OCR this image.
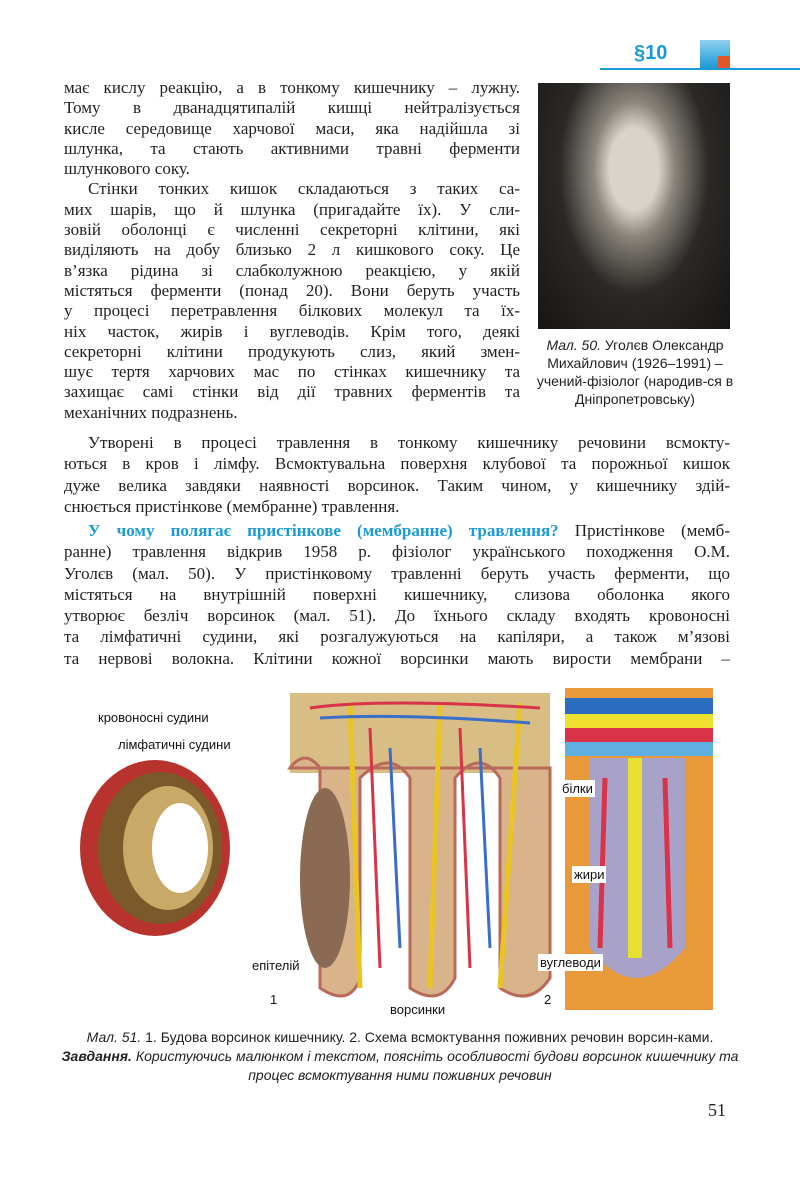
§10
має кислу реакцію, а в тонкому кишечнику – лужну.
Тому в дванадцятипалій кишці нейтралізується
кисле середовище харчової маси, яка надійшла зі
шлунка, та стають активними травні ферменти
шлункового соку.
Стінки тонких кишок складаються з таких са-
мих шарів, що й шлунка (пригадайте їх). У сли-
зовій оболонці є численні секреторні клітини, які
виділяють на добу близько 2 л кишкового соку. Це
в’язка рідина зі слабколужною реакцією, у якій
містяться ферменти (понад 20). Вони беруть участь
у процесі перетравлення білкових молекул та їх-
ніх часток, жирів і вуглеводів. Крім того, деякі
секреторні клітини продукують слиз, який змен-
шує тертя харчових мас по стінках кишечнику та
захищає самі стінки від дії травних ферментів та
механічних подразнень.
Мал. 50. Уголєв Олександр Михайлович (1926–1991) – учений-фізіолог (народив-ся в Дніпропетровську)
Утворені в процесі травлення в тонкому кишечнику речовини всмокту-
ються в кров і лімфу. Всмоктувальна поверхня клубової та порожньої кишок
дуже велика завдяки наявності ворсинок. Таким чином, у кишечнику здій-
снюється пристінкове (мембранне) травлення.
У чому полягає пристінкове (мембранне) травлення? Пристінкове (мемб-
ранне) травлення відкрив 1958 р. фізіолог українського походження О.М.
Уголєв (мал. 50). У пристінковому травленні беруть участь ферменти, що
містяться на внутрішній поверхні кишечнику, слизова оболонка якого
утворює безліч ворсинок (мал. 51). До їхнього складу входять кровоносні
та лімфатичні судини, які розгалужуються на капіляри, а також м’язові
та нервові волокна. Клітини кожної ворсинки мають вирости мембрани –
кровоносні судини
лімфатичні судини
епітелій
ворсинки
1	2
білки
жири
вуглеводи
Мал. 51. 1. Будова ворсинок кишечнику. 2. Схема всмоктування поживних речовин ворсин-ками. Завдання. Користуючись малюнком і текстом, поясніть особливості будови ворсинок кишечнику та процес всмоктування ними поживних речовин
51
